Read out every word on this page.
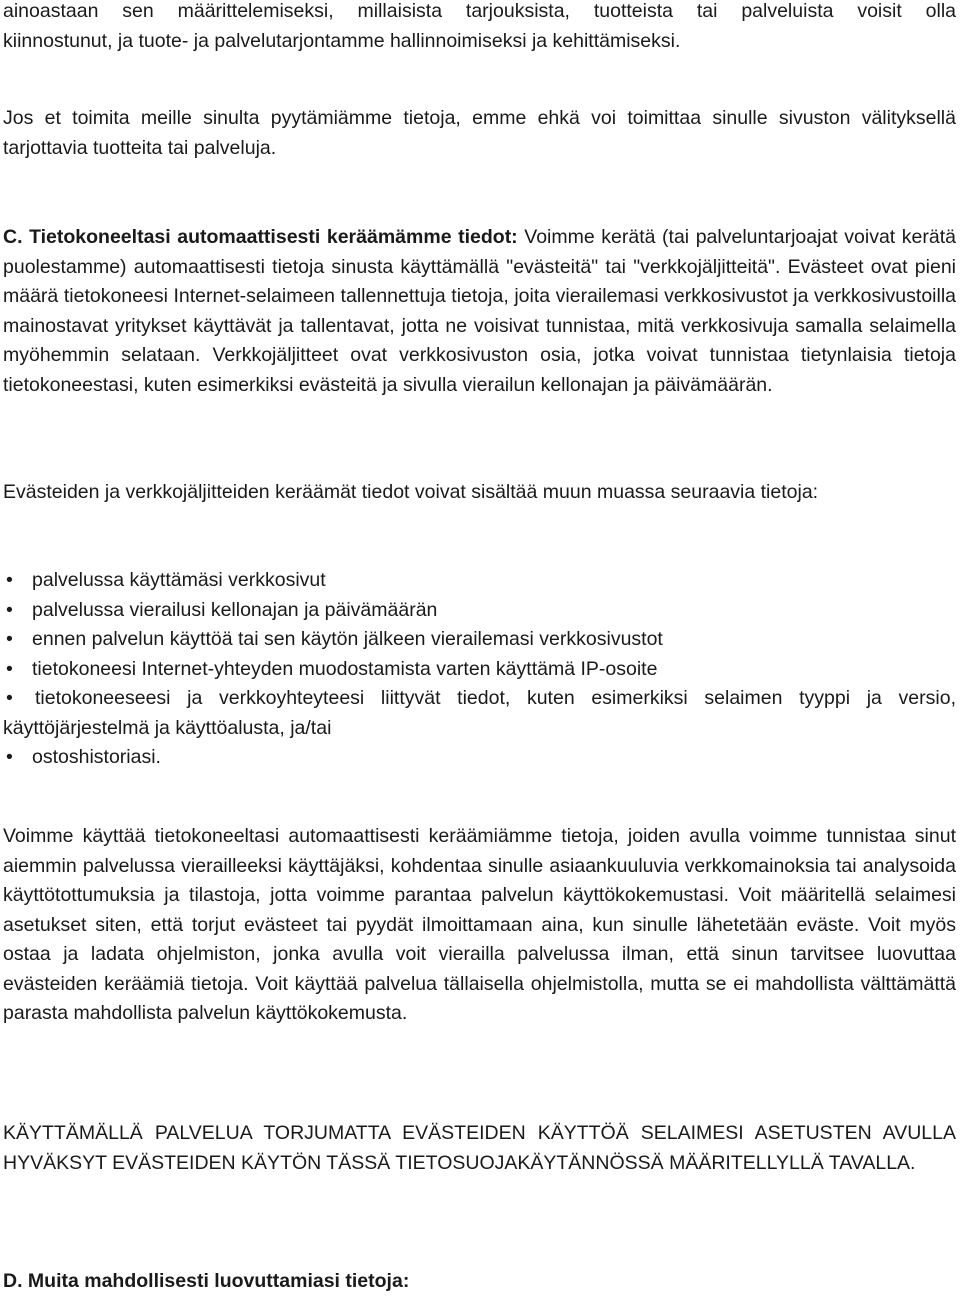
ainoastaan sen määrittelemiseksi, millaisista tarjouksista, tuotteista tai palveluista voisit olla

kiinnostunut, ja tuote- ja palvelutarjontamme hallinnoimiseksi ja kehittämiseksi.

Jos et toimita meille sinulta pyytämiämme tietoja, emme ehkä voi toimittaa sinulle sivuston välityksellä tarjottavia tuotteita tai palveluja.

C. Tietokoneeltasi automaattisesti keräämämme tiedot: Voimme kerätä (tai palveluntarjoajat voivat kerätä puolestamme) automaattisesti tietoja sinusta käyttämällä "evästeitä" tai "verkkojäljitteitä". Evästeet ovat pieni määrä tietokoneesi Internet-selaimeen tallennettuja tietoja, joita vierailemasi verkkosivustot ja verkkosivustoilla mainostavat yritykset käyttävät ja tallentavat, jotta ne voisivat tunnistaa, mitä verkkosivuja samalla selaimella myöhemmin selataan. Verkkojäljitteet ovat verkkosivuston osia, jotka voivat tunnistaa tietynlaisia tietoja tietokoneestasi, kuten esimerkiksi evästeitä ja sivulla vierailun kellonajan ja päivämäärän.

Evästeiden ja verkkojäljitteiden keräämät tiedot voivat sisältää muun muassa seuraavia tietoja:

• palvelussa käyttämäsi verkkosivut
• palvelussa vierailusi kellonajan ja päivämäärän
• ennen palvelun käyttöä tai sen käytön jälkeen vierailemasi verkkosivustot
• tietokoneesi Internet-yhteyden muodostamista varten käyttämä IP-osoite
• tietokoneeseesi ja verkkoyhteyteesi liittyvät tiedot, kuten esimerkiksi selaimen tyyppi ja versio, käyttöjärjestelmä ja käyttöalusta, ja/tai
• ostoshistoriasi.

Voimme käyttää tietokoneeltasi automaattisesti keräämiämme tietoja, joiden avulla voimme tunnistaa sinut aiemmin palvelussa vierailleeksi käyttäjäksi, kohdentaa sinulle asiaankuuluvia verkkomainoksia tai analysoida käyttötottumuksia ja tilastoja, jotta voimme parantaa palvelun käyttökokemustasi. Voit määritellä selaimesi asetukset siten, että torjut evästeet tai pyydät ilmoittamaan aina, kun sinulle lähetetään eväste. Voit myös ostaa ja ladata ohjelmiston, jonka avulla voit vierailla palvelussa ilman, että sinun tarvitsee luovuttaa evästeiden keräämiä tietoja. Voit käyttää palvelua tällaisella ohjelmistolla, mutta se ei mahdollista välttämättä parasta mahdollista palvelun käyttökokemusta.

KÄYTTÄMÄLLÄ PALVELUA TORJUMATTA EVÄSTEIDEN KÄYTTÖÄ SELAIMESI ASETUSTEN AVULLA HYVÄKSYT EVÄSTEIDEN KÄYTÖN TÄSSÄ TIETOSUOJAKÄYTÄNNÖSSÄ MÄÄRITELLYLLÄ TAVALLA.

D. Muita mahdollisesti luovuttamiasi tietoja:
